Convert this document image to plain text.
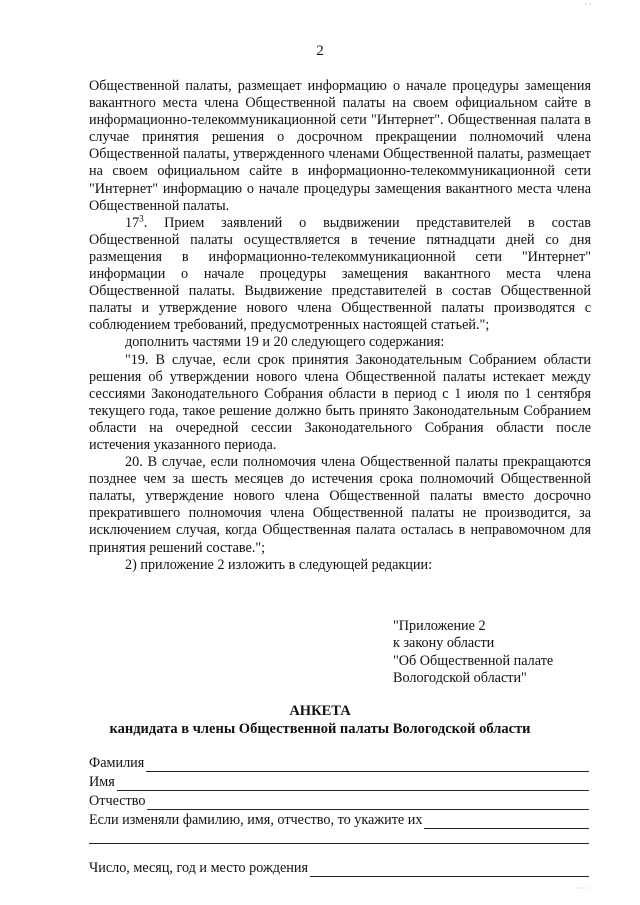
· ·
2

Общественной палаты, размещает информацию о начале процедуры замещения вакантного места члена Общественной палаты на своем официальном сайте в информационно-телекоммуникационной сети "Интернет". Общественная палата в случае принятия решения о досрочном прекращении полномочий члена Общественной палаты, утвержденного членами Общественной палаты, размещает на своем официальном сайте в информационно-телекоммуникационной сети "Интернет" информацию о начале процедуры замещения вакантного места члена Общественной палаты.

$17^3$. Прием заявлений о выдвижении представителей в состав Общественной палаты осуществляется в течение пятнадцати дней со дня размещения в информационно-телекоммуникационной сети "Интернет" информации о начале процедуры замещения вакантного места члена Общественной палаты. Выдвижение представителей в состав Общественной палаты и утверждение нового члена Общественной палаты производятся с соблюдением требований, предусмотренных настоящей статьей.";

дополнить частями 19 и 20 следующего содержания:

"19. В случае, если срок принятия Законодательным Собранием области решения об утверждении нового члена Общественной палаты истекает между сессиями Законодательного Собрания области в период с 1 июля по 1 сентября текущего года, такое решение должно быть принято Законодательным Собранием области на очередной сессии Законодательного Собрания области после истечения указанного периода.

20. В случае, если полномочия члена Общественной палаты прекращаются позднее чем за шесть месяцев до истечения срока полномочий Общественной палаты, утверждение нового члена Общественной палаты вместо досрочно прекратившего полномочия члена Общественной палаты не производится, за исключением случая, когда Общественная палата осталась в неправомочном для принятия решений составе.";

2) приложение 2 изложить в следующей редакции:

"Приложение 2
к закону области
"Об Общественной палате
Вологодской области"
АНКЕТА
кандидата в члены Общественной палаты Вологодской области
Фамилия
Имя
Отчество
Если изменяли фамилию, имя, отчество, то укажите их
Число, месяц, год и место рождения
· · ·
